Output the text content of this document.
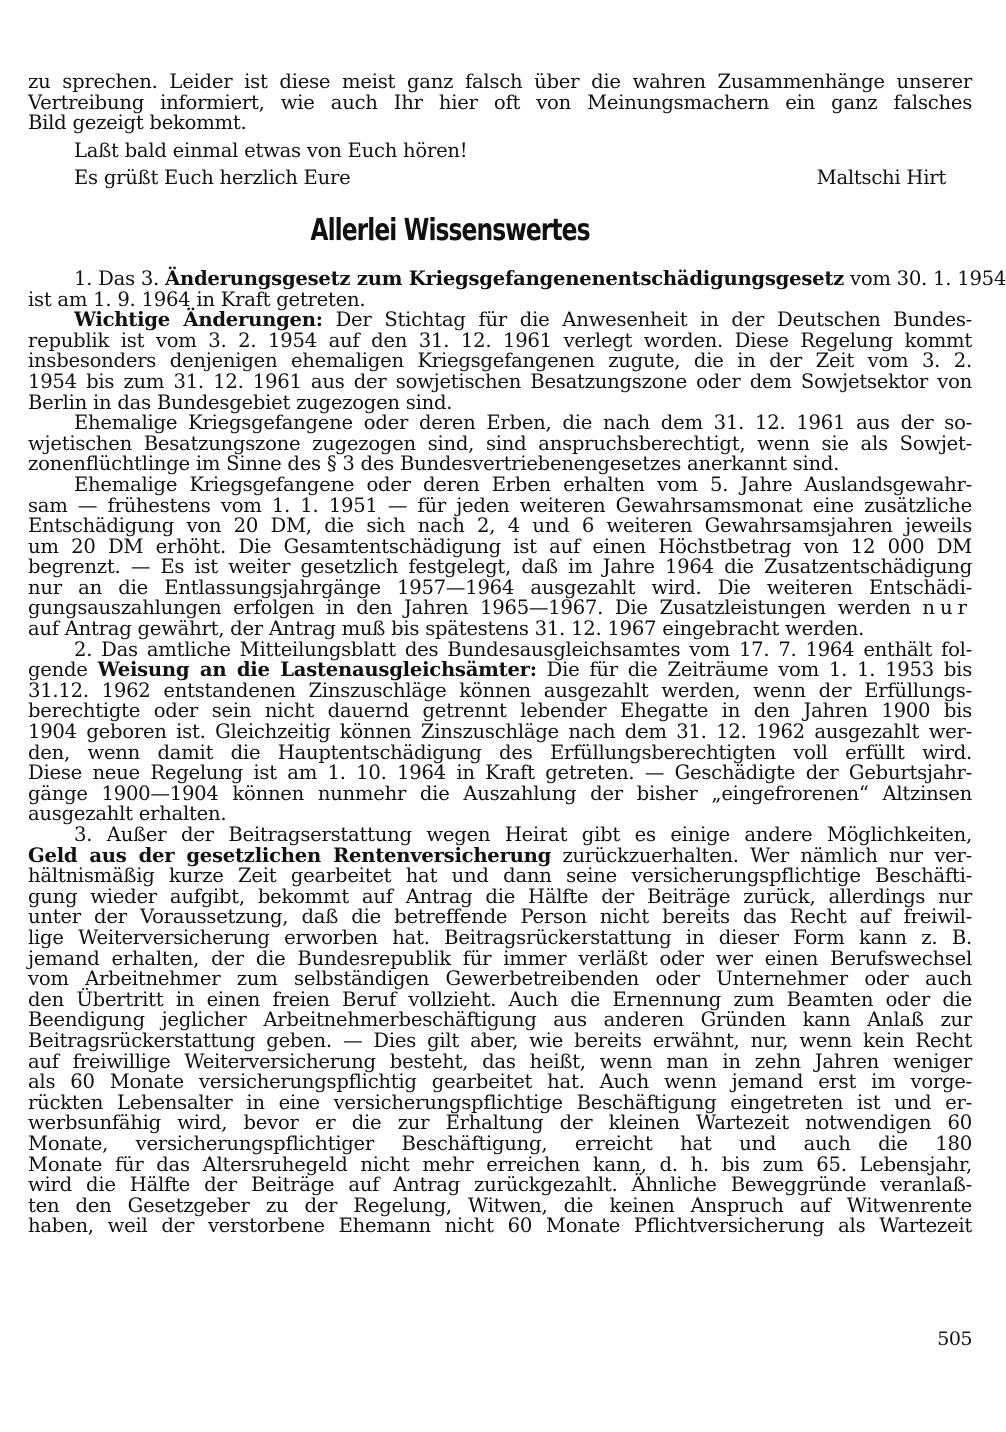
zu sprechen. Leider ist diese meist ganz falsch über die wahren Zusammenhänge unserer
Vertreibung informiert, wie auch Ihr hier oft von Meinungsmachern ein ganz falsches
Bild gezeigt bekommt.
Laßt bald einmal etwas von Euch hören!
Es grüßt Euch herzlich Eure	Maltschi Hirt
Allerlei Wissenswertes
1. Das 3. Änderungsgesetz zum Kriegsgefangenenentschädigungsgesetz vom 30. 1. 1954
ist am 1. 9. 1964 in Kraft getreten.
Wichtige Änderungen: Der Stichtag für die Anwesenheit in der Deutschen Bundes-
republik ist vom 3. 2. 1954 auf den 31. 12. 1961 verlegt worden. Diese Regelung kommt
insbesonders denjenigen ehemaligen Kriegsgefangenen zugute, die in der Zeit vom 3. 2.
1954 bis zum 31. 12. 1961 aus der sowjetischen Besatzungszone oder dem Sowjetsektor von
Berlin in das Bundesgebiet zugezogen sind.
Ehemalige Kriegsgefangene oder deren Erben, die nach dem 31. 12. 1961 aus der so-
wjetischen Besatzungszone zugezogen sind, sind anspruchsberechtigt, wenn sie als Sowjet-
zonenflüchtlinge im Sinne des § 3 des Bundesvertriebenengesetzes anerkannt sind.
Ehemalige Kriegsgefangene oder deren Erben erhalten vom 5. Jahre Auslandsgewahr-
sam — frühestens vom 1. 1. 1951 — für jeden weiteren Gewahrsamsmonat eine zusätzliche
Entschädigung von 20 DM, die sich nach 2, 4 und 6 weiteren Gewahrsamsjahren jeweils
um 20 DM erhöht. Die Gesamtentschädigung ist auf einen Höchstbetrag von 12 000 DM
begrenzt. — Es ist weiter gesetzlich festgelegt, daß im Jahre 1964 die Zusatzentschädigung
nur an die Entlassungsjahrgänge 1957—1964 ausgezahlt wird. Die weiteren Entschädi-
gungsauszahlungen erfolgen in den Jahren 1965—1967. Die Zusatzleistungen werden nur
auf Antrag gewährt, der Antrag muß bis spätestens 31. 12. 1967 eingebracht werden.
2. Das amtliche Mitteilungsblatt des Bundesausgleichsamtes vom 17. 7. 1964 enthält fol-
gende Weisung an die Lastenausgleichsämter: Die für die Zeiträume vom 1. 1. 1953 bis
31.12. 1962 entstandenen Zinszuschläge können ausgezahlt werden, wenn der Erfüllungs-
berechtigte oder sein nicht dauernd getrennt lebender Ehegatte in den Jahren 1900 bis
1904 geboren ist. Gleichzeitig können Zinszuschläge nach dem 31. 12. 1962 ausgezahlt wer-
den, wenn damit die Hauptentschädigung des Erfüllungsberechtigten voll erfüllt wird.
Diese neue Regelung ist am 1. 10. 1964 in Kraft getreten. — Geschädigte der Geburtsjahr-
gänge 1900—1904 können nunmehr die Auszahlung der bisher „eingefrorenen“ Altzinsen
ausgezahlt erhalten.
3. Außer der Beitragserstattung wegen Heirat gibt es einige andere Möglichkeiten,
Geld aus der gesetzlichen Rentenversicherung zurückzuerhalten. Wer nämlich nur ver-
hältnismäßig kurze Zeit gearbeitet hat und dann seine versicherungspflichtige Beschäfti-
gung wieder aufgibt, bekommt auf Antrag die Hälfte der Beiträge zurück, allerdings nur
unter der Voraussetzung, daß die betreffende Person nicht bereits das Recht auf freiwil-
lige Weiterversicherung erworben hat. Beitragsrückerstattung in dieser Form kann z. B.
jemand erhalten, der die Bundesrepublik für immer verläßt oder wer einen Berufswechsel
vom Arbeitnehmer zum selbständigen Gewerbetreibenden oder Unternehmer oder auch
den Übertritt in einen freien Beruf vollzieht. Auch die Ernennung zum Beamten oder die
Beendigung jeglicher Arbeitnehmerbeschäftigung aus anderen Gründen kann Anlaß zur
Beitragsrückerstattung geben. — Dies gilt aber, wie bereits erwähnt, nur, wenn kein Recht
auf freiwillige Weiterversicherung besteht, das heißt, wenn man in zehn Jahren weniger
als 60 Monate versicherungspflichtig gearbeitet hat. Auch wenn jemand erst im vorge-
rückten Lebensalter in eine versicherungspflichtige Beschäftigung eingetreten ist und er-
werbsunfähig wird, bevor er die zur Erhaltung der kleinen Wartezeit notwendigen 60
Monate, versicherungspflichtiger Beschäftigung, erreicht hat und auch die 180
Monate für das Altersruhegeld nicht mehr erreichen kann, d. h. bis zum 65. Lebensjahr,
wird die Hälfte der Beiträge auf Antrag zurückgezahlt. Ähnliche Beweggründe veranlaß-
ten den Gesetzgeber zu der Regelung, Witwen, die keinen Anspruch auf Witwenrente
haben, weil der verstorbene Ehemann nicht 60 Monate Pflichtversicherung als Wartezeit
505
